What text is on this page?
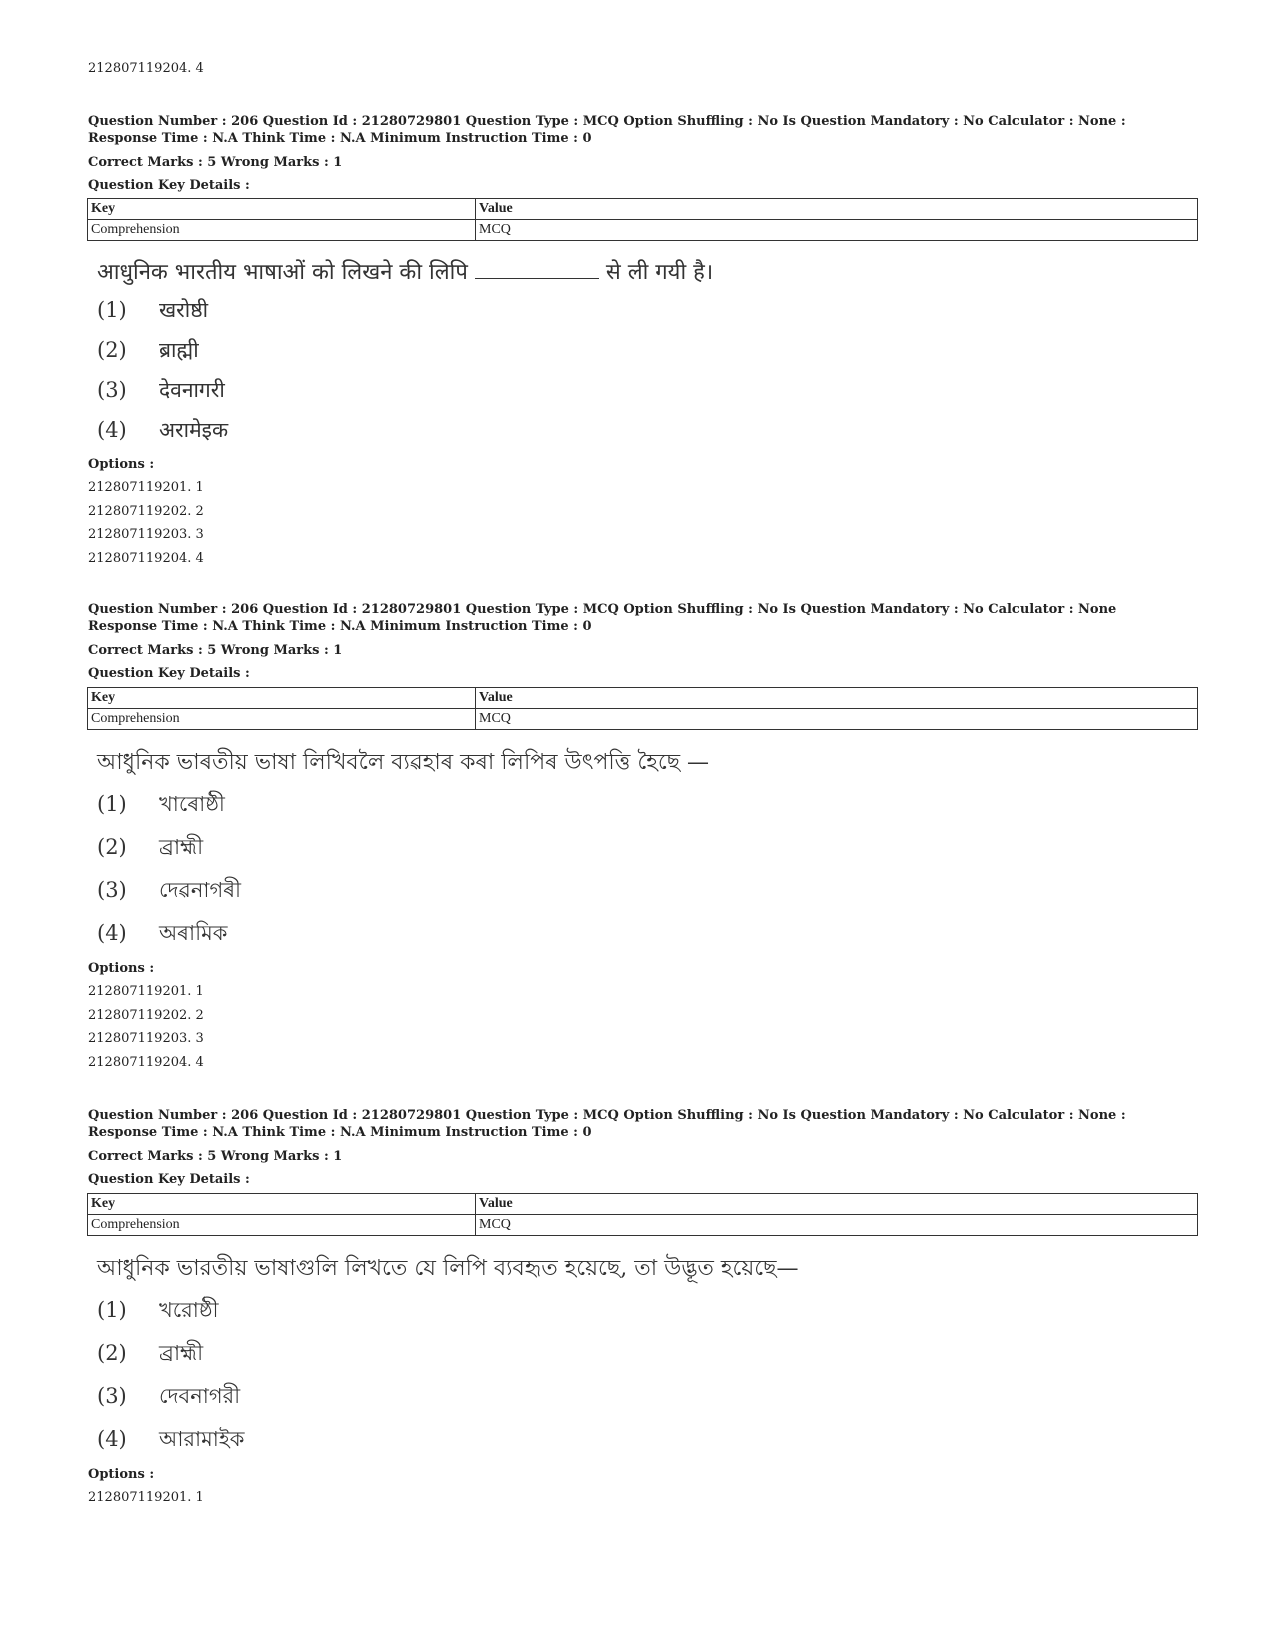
212807119204. 4
Question Number : 206 Question Id : 21280729801 Question Type : MCQ Option Shuffling : No Is Question Mandatory : No Calculator : None :
Response Time : N.A Think Time : N.A Minimum Instruction Time : 0
Correct Marks : 5 Wrong Marks : 1
Question Key Details :
Key	Value
Comprehension	MCQ
आधुनिक भारतीय भाषाओं को लिखने की लिपि	से ली गयी है।
(1) खरोष्ठी
(2) ब्राह्मी
(3) देवनागरी
(4) अरामेइक
Options :
212807119201. 1
212807119202. 2
212807119203. 3
212807119204. 4
Question Number : 206 Question Id : 21280729801 Question Type : MCQ Option Shuffling : No Is Question Mandatory : No Calculator : None
Response Time : N.A Think Time : N.A Minimum Instruction Time : 0
Correct Marks : 5 Wrong Marks : 1
Question Key Details :
Key	Value
Comprehension	MCQ
আধুনিক ভাৰতীয় ভাষা লিখিবলৈ ব্যৱহাৰ কৰা লিপিৰ উৎপত্তি হৈছে —
(1) খাৰোষ্ঠী
(2) ব্রাহ্মী
(3) দেৱনাগৰী
(4) অৰামিক
Options :
212807119201. 1
212807119202. 2
212807119203. 3
212807119204. 4
Question Number : 206 Question Id : 21280729801 Question Type : MCQ Option Shuffling : No Is Question Mandatory : No Calculator : None :
Response Time : N.A Think Time : N.A Minimum Instruction Time : 0
Correct Marks : 5 Wrong Marks : 1
Question Key Details :
Key	Value
Comprehension	MCQ
আধুনিক ভারতীয় ভাষাগুলি লিখতে যে লিপি ব্যবহৃত হয়েছে, তা উদ্ভূত হয়েছে—
(1) খরোষ্ঠী
(2) ব্রাহ্মী
(3) দেবনাগরী
(4) আরামাইক
Options :
212807119201. 1
